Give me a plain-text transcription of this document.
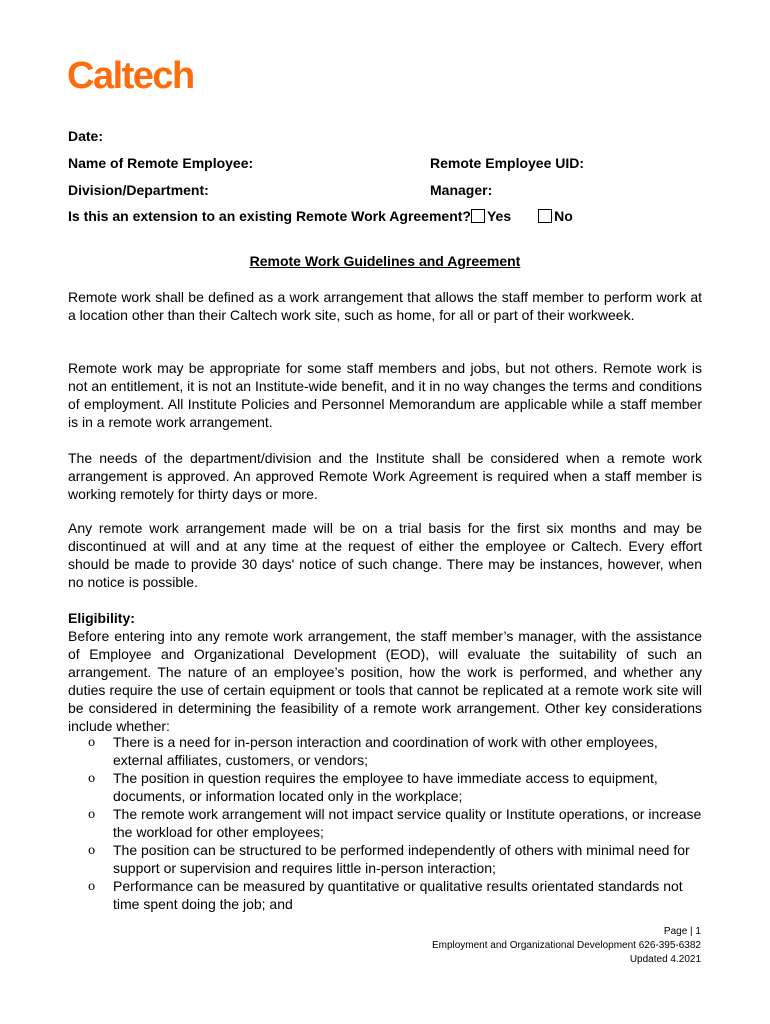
Caltech
Date:
Name of Remote Employee:	Remote Employee UID:
Division/Department:	Manager:
Is this an extension to an existing Remote Work Agreement? Yes	No
Remote Work Guidelines and Agreement

Remote work shall be defined as a work arrangement that allows the staff member to perform work at a location other than their Caltech work site, such as home, for all or part of their workweek.

Remote work may be appropriate for some staff members and jobs, but not others. Remote work is not an entitlement, it is not an Institute-wide benefit, and it in no way changes the terms and conditions of employment. All Institute Policies and Personnel Memorandum are applicable while a staff member is in a remote work arrangement.

The needs of the department/division and the Institute shall be considered when a remote work arrangement is approved. An approved Remote Work Agreement is required when a staff member is working remotely for thirty days or more.

Any remote work arrangement made will be on a trial basis for the first six months and may be discontinued at will and at any time at the request of either the employee or Caltech. Every effort should be made to provide 30 days' notice of such change. There may be instances, however, when no notice is possible.

Eligibility:

Before entering into any remote work arrangement, the staff member’s manager, with the assistance of Employee and Organizational Development (EOD), will evaluate the suitability of such an arrangement. The nature of an employee’s position, how the work is performed, and whether any duties require the use of certain equipment or tools that cannot be replicated at a remote work site will be considered in determining the feasibility of a remote work arrangement. Other key considerations include whether:

o There is a need for in-person interaction and coordination of work with other employees, external affiliates, customers, or vendors;
o The position in question requires the employee to have immediate access to equipment, documents, or information located only in the workplace;
o The remote work arrangement will not impact service quality or Institute operations, or increase the workload for other employees;
o The position can be structured to be performed independently of others with minimal need for support or supervision and requires little in-person interaction;
o Performance can be measured by quantitative or qualitative results orientated standards not time spent doing the job; and
Page | 1
Employment and Organizational Development 626-395-6382
Updated 4.2021
